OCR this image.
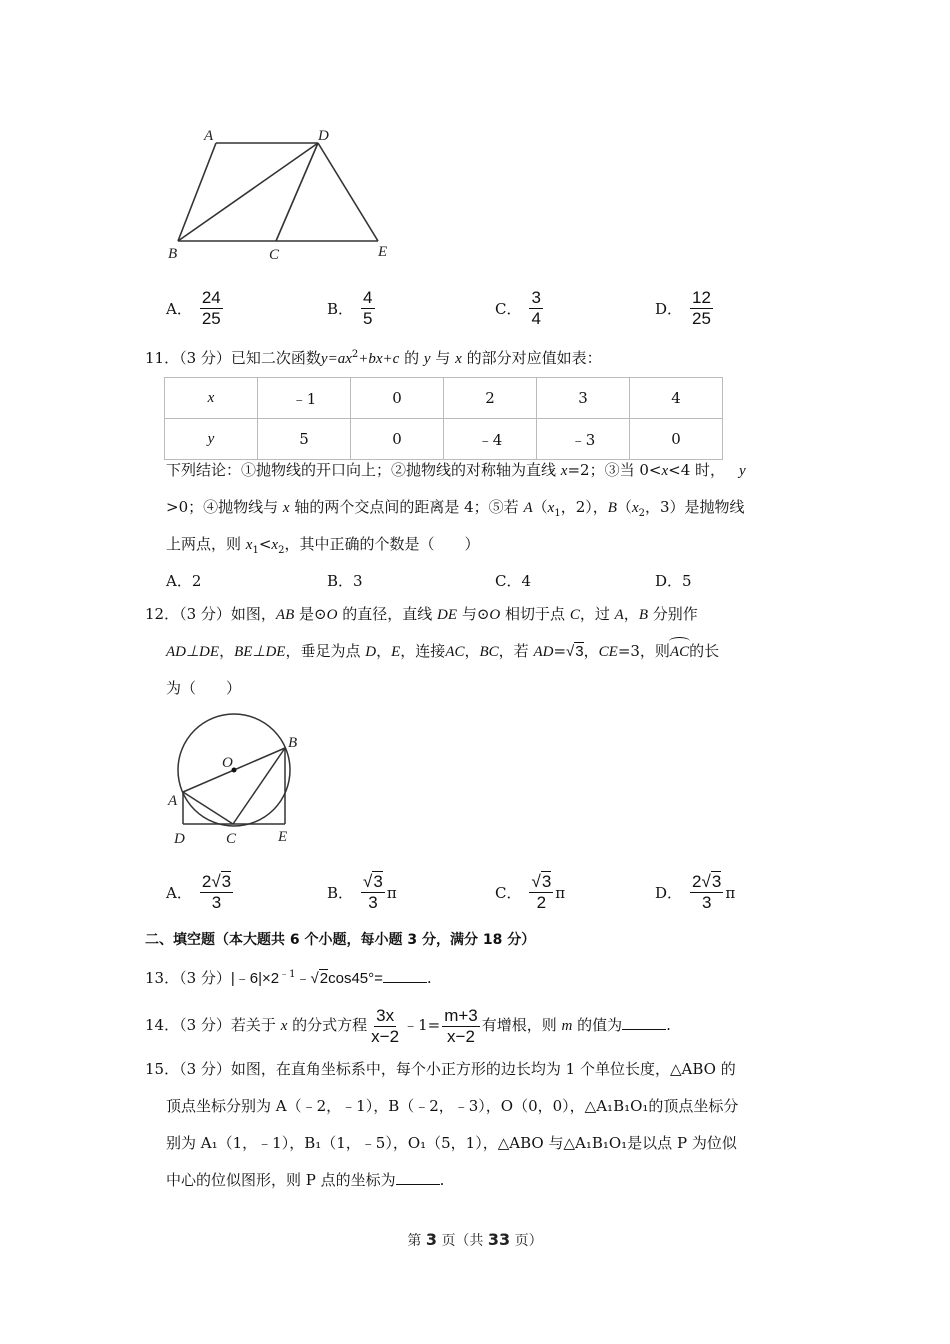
A	D
B	C	E
A． $\frac{24}{25}$	B． $\frac{4}{5}$	C． $\frac{3}{4}$	D． $\frac{12}{25}$
11．（3 分）已知二次函数$y=ax^2+bx+c$ 的 y 与 x 的部分对应值如表：
x	﹣1	0	2	3	4
y	5	0	﹣4	﹣3	0
下列结论：①抛物线的开口向上；②抛物线的对称轴为直线 x=2；③当 0<x<4 时， y
>0；④抛物线与 x 轴的两个交点间的距离是 4；⑤若 $A(x_1$，2），$B(x_2$，3）是抛物线
上两点，则 $x_1<x_2$，其中正确的个数是（　　）
A． 2	B． 3	C． 4	D． 5
12．（3 分）如图，AB 是⊙O 的直径，直线 DE 与⊙O 相切于点 C，过 A，B 分别作
AD⊥DE，BE⊥DE，垂足为点 D，E，连接AC，BC，若 AD=√3，CE=3，则AC的长
为（　　）
O
B
A
D	C	E
A． $\frac{2√3}{3}$	B． $\frac{√3}{3}$ π	C． $\frac{√3}{2}$ π	D． $\frac{2√3}{3}$ π
二、填空题（本大题共 6 个小题，每小题 3 分，满分 18 分）
13．（3 分）$|﹣6|\times 2^{﹣1}﹣√2\cos 45^\circ=$	.
14．（3 分）若关于 x 的分式方程 $\frac{3x}{x-2}$ ﹣1= $\frac{m+3}{x-2}$ 有增根，则 m 的值为	.
15．（3 分）如图，在直角坐标系中，每个小正方形的边长均为 1 个单位长度，△ABO 的
顶点坐标分别为 A（﹣2，﹣1），B（﹣2，﹣3），O（0，0），△A₁B₁O₁的顶点坐标分
别为 A₁（1，﹣1），B₁（1，﹣5），O₁（5，1），△ABO 与△A₁B₁O₁是以点 P 为位似
中心的位似图形，则 P 点的坐标为	.
第 3 页（共 33 页）
